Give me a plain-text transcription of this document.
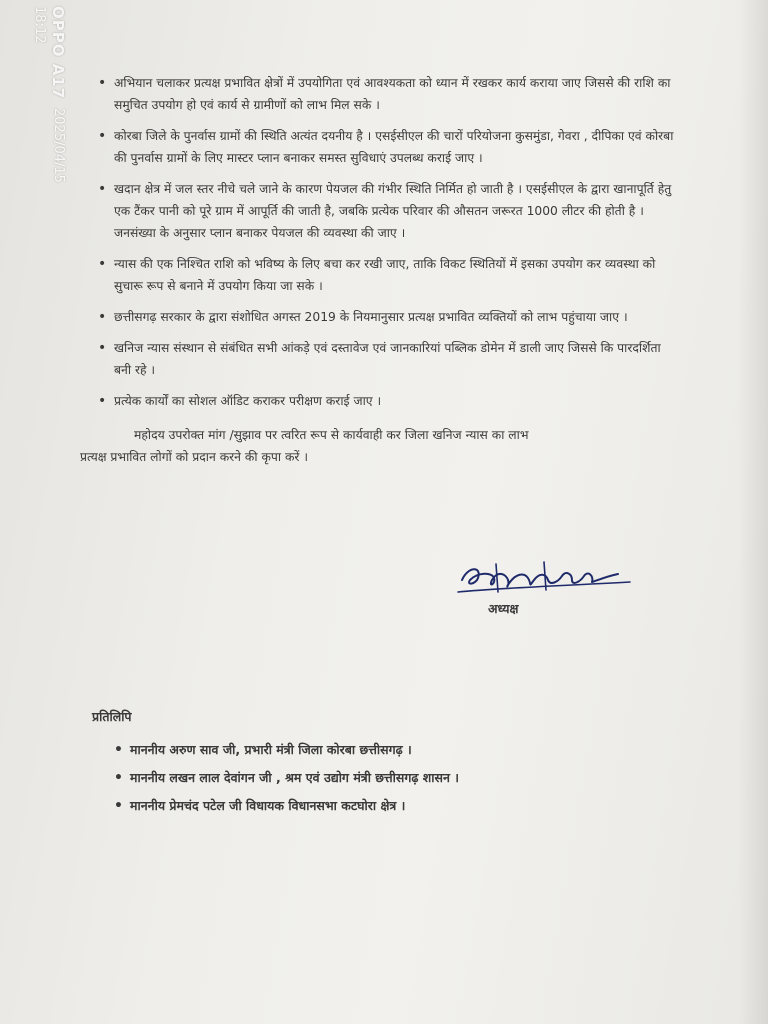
OPPO A17 2025/04/15 18:12
• अभियान चलाकर प्रत्यक्ष प्रभावित क्षेत्रों में उपयोगिता एवं आवश्यकता को ध्यान में रखकर कार्य कराया जाए जिससे की राशि का समुचित उपयोग हो एवं कार्य से ग्रामीणों को लाभ मिल सके ।
• कोरबा जिले के पुनर्वास ग्रामों की स्थिति अत्यंत दयनीय है । एसईसीएल की चारों परियोजना कुसमुंडा, गेवरा , दीपिका एवं कोरबा की पुनर्वास ग्रामों के लिए मास्टर प्लान बनाकर समस्त सुविधाएं उपलब्ध कराई जाए ।
• खदान क्षेत्र में जल स्तर नीचे चले जाने के कारण पेयजल की गंभीर स्थिति निर्मित हो जाती है । एसईसीएल के द्वारा खानापूर्ति हेतु एक टैंकर पानी को पूरे ग्राम में आपूर्ति की जाती है, जबकि प्रत्येक परिवार की औसतन जरूरत 1000 लीटर की होती है । जनसंख्या के अनुसार प्लान बनाकर पेयजल की व्यवस्था की जाए ।
• न्यास की एक निश्चित राशि को भविष्य के लिए बचा कर रखी जाए, ताकि विकट स्थितियों में इसका उपयोग कर व्यवस्था को सुचारू रूप से बनाने में उपयोग किया जा सके ।
• छत्तीसगढ़ सरकार के द्वारा संशोधित अगस्त 2019 के नियमानुसार प्रत्यक्ष प्रभावित व्यक्तियों को लाभ पहुंचाया जाए ।
• खनिज न्यास संस्थान से संबंधित सभी आंकड़े एवं दस्तावेज एवं जानकारियां पब्लिक डोमेन में डाली जाए जिससे कि पारदर्शिता बनी रहे ।
• प्रत्येक कार्यों का सोशल ऑडिट कराकर परीक्षण कराई जाए ।
महोदय उपरोक्त मांग /सुझाव पर त्वरित रूप से कार्यवाही कर जिला खनिज न्यास का लाभ
प्रत्यक्ष प्रभावित लोगों को प्रदान करने की कृपा करें ।
अध्यक्ष
प्रतिलिपि
• माननीय अरुण साव जी, प्रभारी मंत्री जिला कोरबा छत्तीसगढ़ ।
• माननीय लखन लाल देवांगन जी , श्रम एवं उद्योग मंत्री छत्तीसगढ़ शासन ।
• माननीय प्रेमचंद पटेल जी विधायक विधानसभा कटघोरा क्षेत्र ।
